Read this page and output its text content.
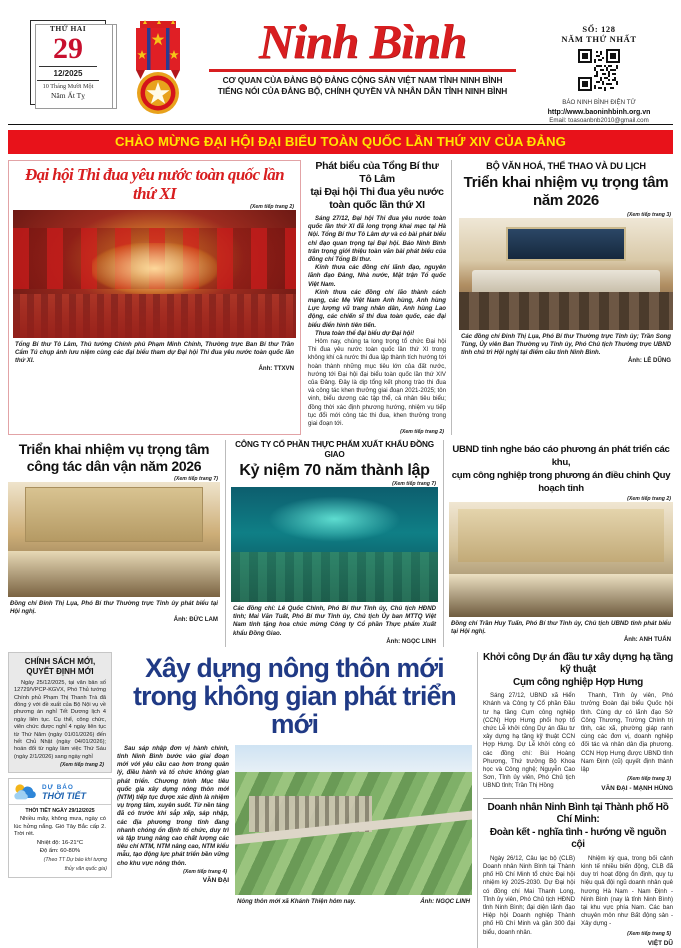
THỨ HAI
29
12/2025
10 Tháng Mười Một
Năm Ất Tỵ
Ninh Bình
CƠ QUAN CỦA ĐẢNG BỘ ĐẢNG CỘNG SẢN VIỆT NAM TỈNH NINH BÌNH
TIẾNG NÓI CỦA ĐẢNG BỘ, CHÍNH QUYỀN VÀ NHÂN DÂN TỈNH NINH BÌNH
SỐ: 128
NĂM THỨ NHẤT
BÁO NINH BÌNH ĐIỆN TỬ
http://www.baoninhbinh.org.vn
Email: toasoanbnb2010@gmail.com
CHÀO MỪNG ĐẠI HỘI ĐẠI BIỂU TOÀN QUỐC LẦN THỨ XIV CỦA ĐẢNG
Đại hội Thi đua yêu nước toàn quốc lần thứ XI
(Xem tiếp trang 2)
Tổng Bí thư Tô Lâm, Thủ tướng Chính phủ Phạm Minh Chính, Thường trực Ban Bí thư Trần Cẩm Tú chụp ảnh lưu niệm cùng các đại biểu tham dự Đại hội Thi đua yêu nước toàn quốc lần thứ XI.
Ảnh: TTXVN
Phát biểu của Tổng Bí thư Tô Lâm
tại Đại hội Thi đua yêu nước
toàn quốc lần thứ XI

Sáng 27/12, Đại hội Thi đua yêu nước toàn quốc lần thứ XI đã long trọng khai mạc tại Hà Nội. Tổng Bí thư Tô Lâm dự và có bài phát biểu chỉ đạo quan trọng tại Đại hội. Báo Ninh Bình trân trọng giới thiệu toàn văn bài phát biểu của đồng chí Tổng Bí thư.

Kính thưa các đồng chí lãnh đạo, nguyên lãnh đạo Đảng, Nhà nước, Mặt trận Tổ quốc Việt Nam.

Kính thưa các đồng chí lão thành cách mạng, các Mẹ Việt Nam Anh hùng, Anh hùng Lực lượng vũ trang nhân dân, Anh hùng Lao động, các chiến sĩ thi đua toàn quốc, các đại biểu điển hình tiên tiến.

Thưa toàn thể đại biểu dự Đại hội!

Hôm nay, chúng ta long trọng tổ chức Đại hội Thi đua yêu nước toàn quốc lần thứ XI trong không khí cả nước thi đua lập thành tích hướng tới hoàn thành những mục tiêu lớn của đất nước, hướng tới Đại hội đại biểu toàn quốc lần thứ XIV của Đảng. Đây là dịp tổng kết phong trào thi đua và công tác khen thưởng giai đoạn 2021-2025; tôn vinh, biểu dương các tập thể, cá nhân tiêu biểu; đồng thời xác định phương hướng, nhiệm vụ tiếp tục đổi mới công tác thi đua, khen thưởng trong giai đoạn tới.

(Xem tiếp trang 2)
BỘ VĂN HOÁ, THỂ THAO VÀ DU LỊCH
Triển khai nhiệm vụ trọng tâm
năm 2026
(Xem tiếp trang 3)
Các đồng chí Đinh Thị Lụa, Phó Bí thư Thường trực Tỉnh ủy; Trần Song Tùng, Ủy viên Ban Thường vụ Tỉnh ủy, Phó Chủ tịch Thường trực UBND tỉnh chủ trì Hội nghị tại điểm cầu tỉnh Ninh Bình.
Ảnh: LÊ DŨNG
Triển khai nhiệm vụ trọng tâm
công tác dân vận năm 2026
(Xem tiếp trang 7)
Đồng chí Đinh Thị Lụa, Phó Bí thư Thường trực Tỉnh ủy phát biểu tại Hội nghị.
Ảnh: ĐỨC LAM
CÔNG TY CỔ PHẦN THỰC PHẨM XUẤT KHẨU ĐỒNG GIAO
Kỷ niệm 70 năm thành lập
(Xem tiếp trang 7)
Các đồng chí: Lê Quốc Chỉnh, Phó Bí thư Tỉnh ủy, Chủ tịch HĐND tỉnh; Mai Văn Tuất, Phó Bí thư Tỉnh ủy, Chủ tịch Ủy ban MTTQ Việt Nam tỉnh tặng hoa chúc mừng Công ty Cổ phần Thực phẩm Xuất khẩu Đồng Giao.
Ảnh: NGỌC LINH
UBND tỉnh nghe báo cáo phương án phát triển các khu,
cụm công nghiệp trong phương án điều chỉnh Quy hoạch tỉnh
(Xem tiếp trang 2)
Đồng chí Trần Huy Tuấn, Phó Bí thư Tỉnh ủy, Chủ tịch UBND tỉnh phát biểu tại Hội nghị.
Ảnh: ANH TUẤN
CHÍNH SÁCH MỚI,
QUYẾT ĐỊNH MỚI

Ngày 25/12/2025, tại văn bản số 12729/VPCP-KGVX, Phó Thủ tướng Chính phủ Phạm Thị Thanh Trà đã đồng ý với đề xuất của Bộ Nội vụ về phương án nghỉ Tết Dương lịch 4 ngày liên tục. Cụ thể, công chức, viên chức được nghỉ 4 ngày liên tục từ Thứ Năm (ngày 01/01/2026) đến hết Chủ Nhật (ngày 04/01/2026); hoán đổi từ ngày làm việc Thứ Sáu (ngày 2/1/2026) sang ngày nghỉ

(Xem tiếp trang 2)
DỰ BÁO
THỜI TIẾT
THỜI TIẾT NGÀY 29/12/2025

Nhiều mây, không mưa, ngày có lúc hửng nắng. Gió Tây Bắc cấp 2. Trời rét.

Nhiệt độ: 16-21°C
Độ ẩm: 60-80%
(Theo TT Dự báo khí tượng
thủy văn quốc gia)
Xây dựng nông thôn mới
trong không gian phát triển mới

Sau sáp nhập đơn vị hành chính, tỉnh Ninh Bình bước vào giai đoạn mới với yêu cầu cao hơn trong quản lý, điều hành và tổ chức không gian phát triển. Chương trình Mục tiêu quốc gia xây dựng nông thôn mới (NTM) tiếp tục được xác định là nhiệm vụ trọng tâm, xuyên suốt. Từ nền tảng đã có trước khi sắp xếp, sáp nhập, các địa phương trong tỉnh đang nhanh chóng ổn định tổ chức, duy trì và tập trung nâng cao chất lượng các tiêu chí NTM, NTM nâng cao, NTM kiểu mẫu, tạo động lực phát triển bền vững cho khu vực nông thôn.

(Xem tiếp trang 4)
VĂN ĐẠI
Nông thôn mới xã Khánh Thiện hôm nay.	Ảnh: NGỌC LINH
Khởi công Dự án đầu tư xây dựng hạ tầng kỹ thuật
Cụm công nghiệp Hợp Hưng

Sáng 27/12, UBND xã Hiển Khánh và Công ty Cổ phần Đầu tư hạ tầng Cụm công nghiệp (CCN) Hợp Hưng phối hợp tổ chức Lễ khởi công Dự án đầu tư xây dựng hạ tầng kỹ thuật CCN Hợp Hưng. Dự Lễ khởi công có các đồng chí: Bùi Hoàng Phương, Thứ trưởng Bộ Khoa học và Công nghệ; Nguyễn Cao Sơn, Tỉnh ủy viên, Phó Chủ tịch UBND tỉnh; Trần Thị Hồng

Thanh, Tỉnh ủy viên, Phó trưởng Đoàn đại biểu Quốc hội tỉnh. Cùng dự có lãnh đạo Sở Công Thương, Trường Chính trị tỉnh, các xã, phường giáp ranh cùng các đơn vị, doanh nghiệp đối tác và nhân dân địa phương. CCN Hợp Hưng được UBND tỉnh Nam Định (cũ) quyết định thành lập

(Xem tiếp trang 3)
VĂN ĐẠI - MẠNH HÙNG
Doanh nhân Ninh Bình tại Thành phố Hồ Chí Minh:
Đoàn kết - nghĩa tình - hướng về nguồn cội

Ngày 26/12, Câu lạc bộ (CLB) Doanh nhân Ninh Bình tại Thành phố Hồ Chí Minh tổ chức Đại hội nhiệm kỳ 2025-2030. Dự Đại hội có đồng chí Mai Thanh Long, Tỉnh ủy viên, Phó Chủ tịch HĐND tỉnh Ninh Bình; đại diện lãnh đạo Hiệp hội Doanh nghiệp Thành phố Hồ Chí Minh và gần 300 đại biểu, doanh nhân.

Nhiệm kỳ qua, trong bối cảnh kinh tế nhiều biến động, CLB đã duy trì hoạt động ổn định, quy tụ hiệu quả đội ngũ doanh nhân quê hương Hà Nam - Nam Định - Ninh Bình (nay là tỉnh Ninh Bình) tại khu vực phía Nam. Các ban chuyên môn như Bất động sản - Xây dựng -

(Xem tiếp trang 5)
VIỆT DŨ
